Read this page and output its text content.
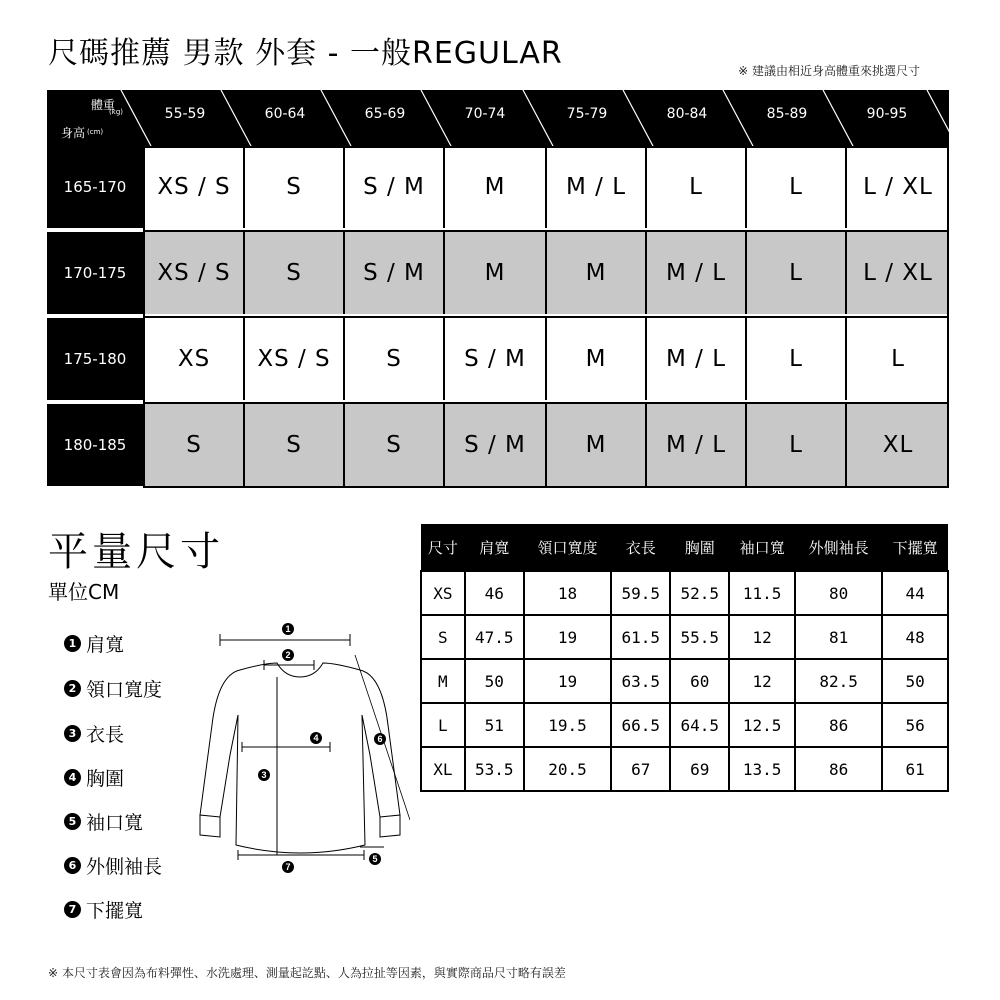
尺碼推薦 男款 外套 - 一般REGULAR	※ 建議由相近身高體重來挑選尺寸
體重
(kg)
身高 (cm)
55-59	60-64	65-69	70-74	75-79	80-84	85-89	90-95
165-170	XS / S	S	S / M	M	M / L	L	L	L / XL
170-175	XS / S	S	S / M	M	M	M / L	L	L / XL
175-180	XS	XS / S	S	S / M	M	M / L	L	L
180-185	S	S	S	S / M	M	M / L	L	XL
平量尺寸
單位CM
1 肩寬
2 領口寬度
3 衣長
4 胸圍
5 袖口寬
6 外側袖長
7 下擺寬
1
2
3
4
5
6
7
尺寸	肩寬	領口寬度	衣長	胸圍	袖口寬	外側袖長	下擺寬
XS	46	18	59.5	52.5	11.5	80	44
S	47.5	19	61.5	55.5	12	81	48
M	50	19	63.5	60	12	82.5	50
L	51	19.5	66.5	64.5	12.5	86	56
XL	53.5	20.5	67	69	13.5	86	61
※ 本尺寸表會因為布料彈性、水洗處理、測量起訖點、人為拉扯等因素，與實際商品尺寸略有誤差
